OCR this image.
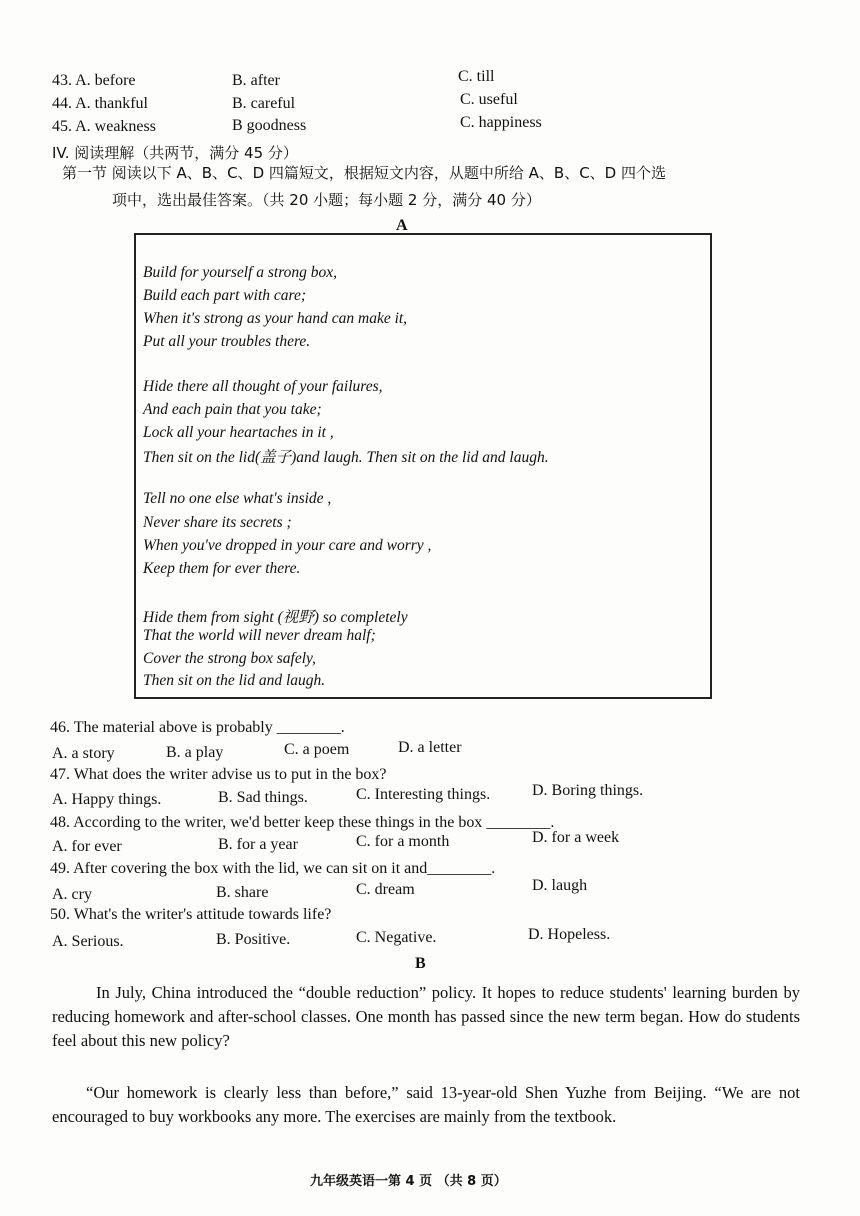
43. A. before	B. after	C. till
44. A. thankful	B. careful	C. useful
45. A. weakness	B goodness	C. happiness
IV. 阅读理解（共两节，满分 45 分）
第一节 阅读以下 A、B、C、D 四篇短文，根据短文内容，从题中所给 A、B、C、D 四个选
项中，选出最佳答案。（共 20 小题；每小题 2 分，满分 40 分）
A
Build for yourself a strong box,
Build each part with care;
When it's strong as your hand can make it,
Put all your troubles there.
Hide there all thought of your failures,
And each pain that you take;
Lock all your heartaches in it ,
Then sit on the lid(盖子)and laugh. Then sit on the lid and laugh.
Tell no one else what's inside ,
Never share its secrets ;
When you've dropped in your care and worry ,
Keep them for ever there.
Hide them from sight (视野) so completely
That the world will never dream half;
Cover the strong box safely,
Then sit on the lid and laugh.
46. The material above is probably ________.
A. a story	B. a play	C. a poem	D. a letter
47. What does the writer advise us to put in the box?
A. Happy things.	B. Sad things.	C. Interesting things.	D. Boring things.
48. According to the writer, we'd better keep these things in the box ________.
A. for ever	B. for a year	C. for a month	D. for a week
49. After covering the box with the lid, we can sit on it and________.
A. cry	B. share	C. dream	D. laugh
50. What's the writer's attitude towards life?
A. Serious.	B. Positive.	C. Negative.	D. Hopeless.
B
In July, China introduced the “double reduction” policy. It hopes to reduce students' learning burden by reducing homework and after-school classes. One month has passed since the new term began. How do students feel about this new policy?
“Our homework is clearly less than before,” said 13-year-old Shen Yuzhe from Beijing. “We are not encouraged to buy workbooks any more. The exercises are mainly from the textbook.
九年级英语一第 4 页 （共 8 页）
